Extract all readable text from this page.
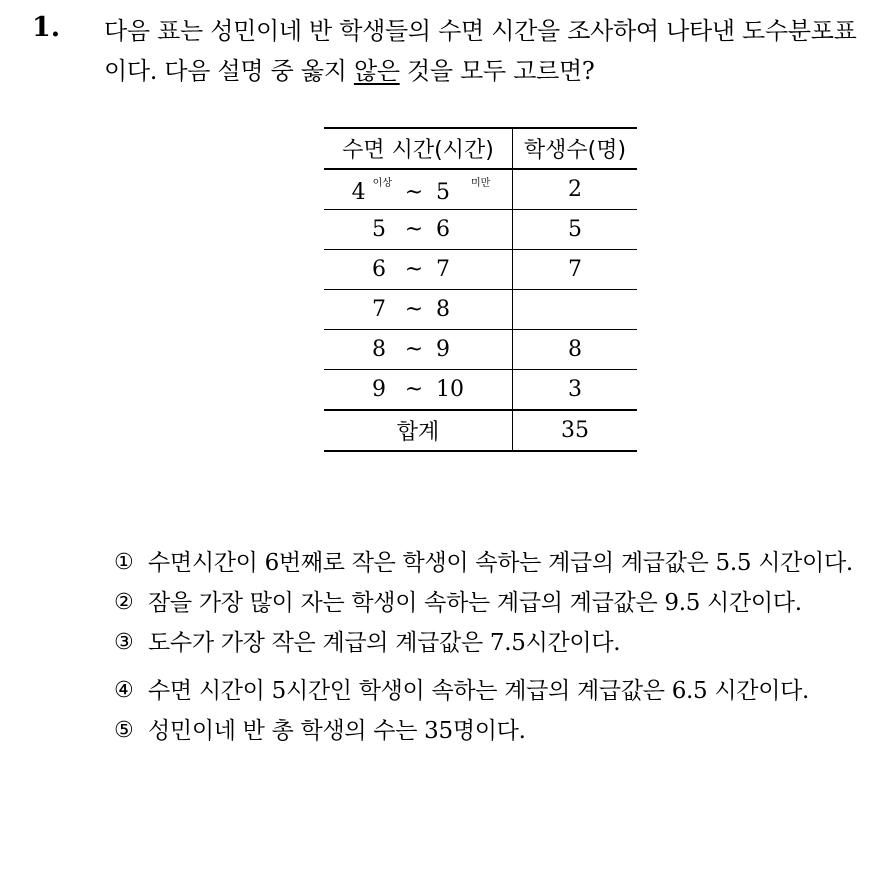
1. 다음 표는 성민이네 반 학생들의 수면 시간을 조사하여 나타낸 도수분포표이다. 다음 설명 중 옳지 않은 것을 모두 고르면?
수면 시간(시간)	학생수(명)
4 $^{이상}$ ~ 5 $^{미만}$	2
5 ~ 6	5
6 ~ 7	7
7 ~ 8	
8 ~ 9	8
9 ~ 10	3
합계	35
① 수면시간이 6번째로 작은 학생이 속하는 계급의 계급값은 5.5 시간이다.
② 잠을 가장 많이 자는 학생이 속하는 계급의 계급값은 9.5 시간이다.
③ 도수가 가장 작은 계급의 계급값은 7.5시간이다.
④ 수면 시간이 5시간인 학생이 속하는 계급의 계급값은 6.5 시간이다.
⑤ 성민이네 반 총 학생의 수는 35명이다.
